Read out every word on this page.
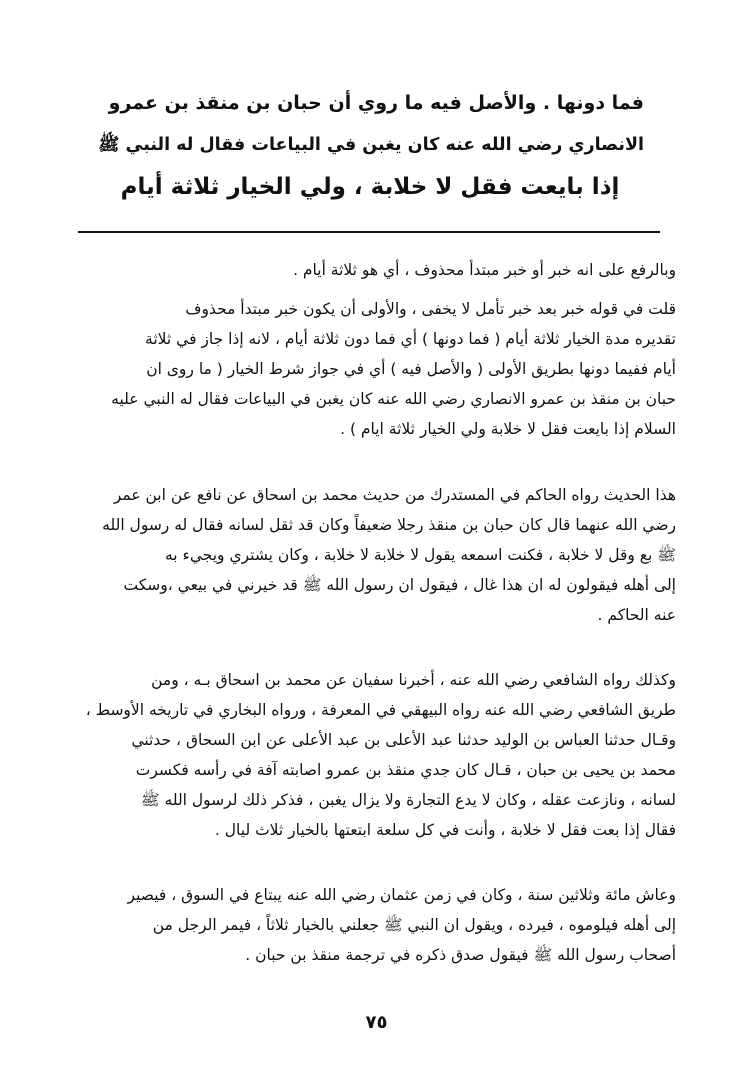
فما دونها . والأصل فيه ما روي أن حبان بن منقذ بن عمرو
الانصاري رضي الله عنه كان يغبن في البياعات فقال له النبي ﷺ
إذا بايعت فقل لا خلابة ، ولي الخيار ثلاثة أيام
وبالرفع على انه خبر أو خبر مبتدأ محذوف ، أي هو ثلاثة أيام .
قلت في قوله خبر بعد خبر تأمل لا يخفى ، والأولى أن يكون خبر مبتدأ محذوف
تقديره مدة الخيار ثلاثة أيام ( فما دونها ) أي فما دون ثلاثة أيام ، لانه إذا جاز في ثلاثة
أيام ففيما دونها بطريق الأولى ( والأصل فيه ) أي في جواز شرط الخيار ( ما روى ان
حبان بن منقذ بن عمرو الانصاري رضي الله عنه كان يغبن في البياعات فقال له النبي عليه
السلام إذا بايعت فقل لا خلابة ولي الخيار ثلاثة ايام ) .
هذا الحديث رواه الحاكم في المستدرك من حديث محمد بن اسحاق عن نافع عن ابن عمر
رضي الله عنهما قال كان حبان بن منقذ رجلا ضعيفاً وكان قد ثقل لسانه فقال له رسول الله
ﷺ بع وقل لا خلابة ، فكنت اسمعه يقول لا خلابة لا خلابة ، وكان يشتري ويجيء به
إلى أهله فيقولون له ان هذا غال ، فيقول ان رسول الله ﷺ قد خيرني في بيعي ،وسكت
عنه الحاكم .
وكذلك رواه الشافعي رضي الله عنه ، أخبرنا سفيان عن محمد بن اسحاق بـه ، ومن
طريق الشافعي رضي الله عنه رواه البيهقي في المعرفة ، ورواه البخاري في تاريخه الأوسط ،
وقـال حدثنا العباس بن الوليد حدثنا عبد الأعلى بن عبد الأعلى عن ابن السحاق ، حدثني
محمد بن يحيى بن حبان ، قـال كان جدي منقذ بن عمرو اصابته آفة في رأسه فكسرت
لسانه ، ونازعت عقله ، وكان لا يدع التجارة ولا يزال يغبن ، فذكر ذلك لرسول الله ﷺ
فقال إذا بعت فقل لا خلابة ، وأنت في كل سلعة ابتعتها بالخيار ثلاث ليال .
وعاش مائة وثلاثين سنة ، وكان في زمن عثمان رضي الله عنه يبتاع في السوق ، فيصير
إلى أهله فيلوموه ، فيرده ، ويقول ان النبي ﷺ جعلني بالخيار ثلاثاً ، فيمر الرجل من
أصحاب رسول الله ﷺ فيقول صدق ذكره في ترجمة منقذ بن حبان .
٧٥
